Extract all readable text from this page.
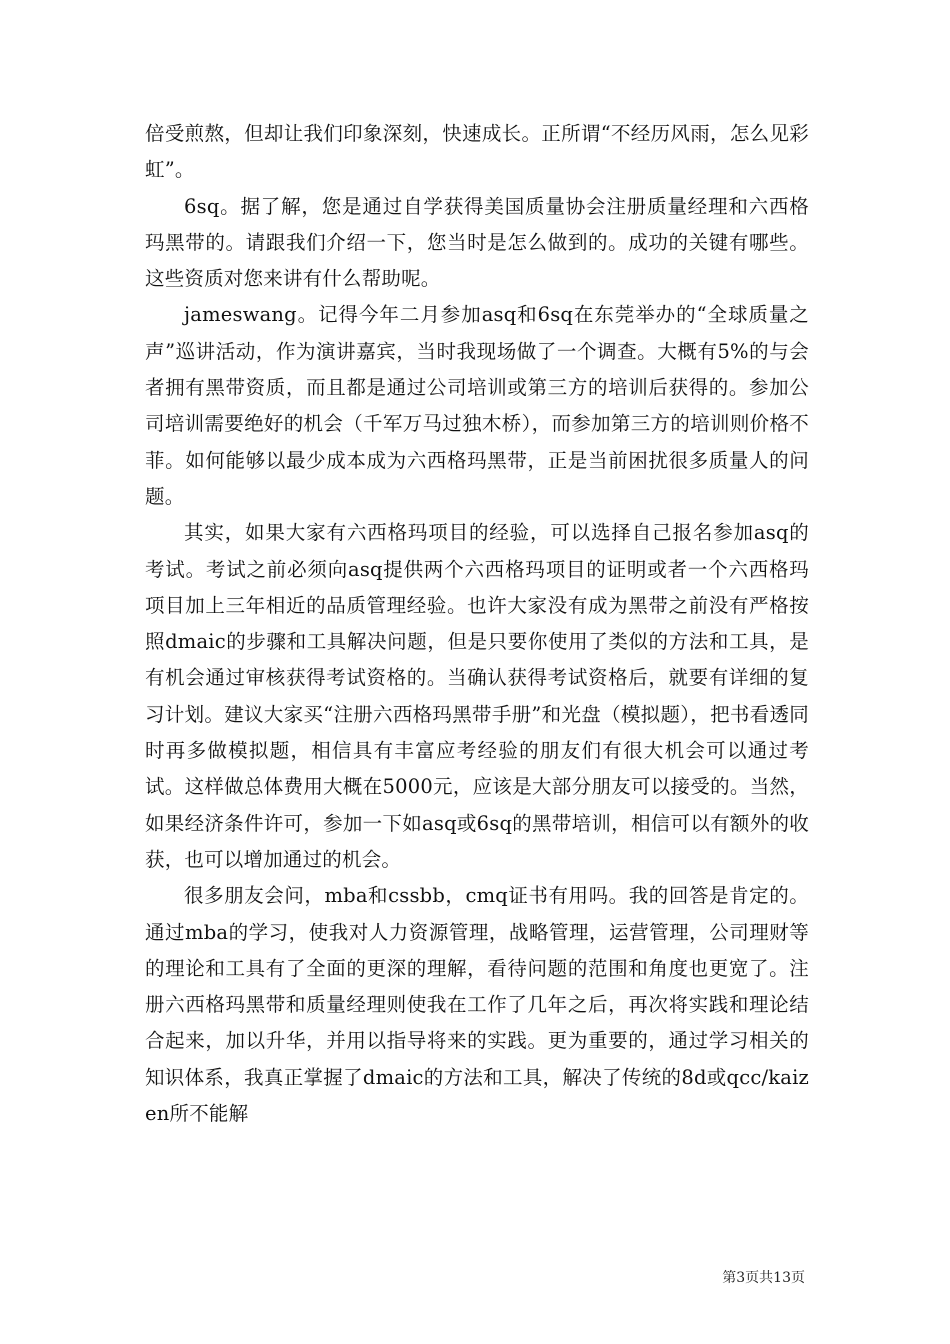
倍受煎熬，但却让我们印象深刻，快速成长。正所谓“不经历风雨，怎么见彩虹”。

6sq。据了解，您是通过自学获得美国质量协会注册质量经理和六西格玛黑带的。请跟我们介绍一下，您当时是怎么做到的。成功的关键有哪些。这些资质对您来讲有什么帮助呢。

jameswang。记得今年二月参加asq和6sq在东莞举办的“全球质量之声”巡讲活动，作为演讲嘉宾，当时我现场做了一个调查。大概有5%的与会者拥有黑带资质，而且都是通过公司培训或第三方的培训后获得的。参加公司培训需要绝好的机会（千军万马过独木桥），而参加第三方的培训则价格不菲。如何能够以最少成本成为六西格玛黑带，正是当前困扰很多质量人的问题。

其实，如果大家有六西格玛项目的经验，可以选择自己报名参加asq的考试。考试之前必须向asq提供两个六西格玛项目的证明或者一个六西格玛项目加上三年相近的品质管理经验。也许大家没有成为黑带之前没有严格按照dmaic的步骤和工具解决问题，但是只要你使用了类似的方法和工具，是有机会通过审核获得考试资格的。当确认获得考试资格后，就要有详细的复习计划。建议大家买“注册六西格玛黑带手册”和光盘（模拟题），把书看透同时再多做模拟题，相信具有丰富应考经验的朋友们有很大机会可以通过考试。这样做总体费用大概在5000元，应该是大部分朋友可以接受的。当然，如果经济条件许可，参加一下如asq或6sq的黑带培训，相信可以有额外的收获，也可以增加通过的机会。

很多朋友会问，mba和cssbb，cmq证书有用吗。我的回答是肯定的。通过mba的学习，使我对人力资源管理，战略管理，运营管理，公司理财等的理论和工具有了全面的更深的理解，看待问题的范围和角度也更宽了。注册六西格玛黑带和质量经理则使我在工作了几年之后，再次将实践和理论结合起来，加以升华，并用以指导将来的实践。更为重要的，通过学习相关的知识体系，我真正掌握了dmaic的方法和工具，解决了传统的8d或qcc/kaizen所不能解

第3页共13页
